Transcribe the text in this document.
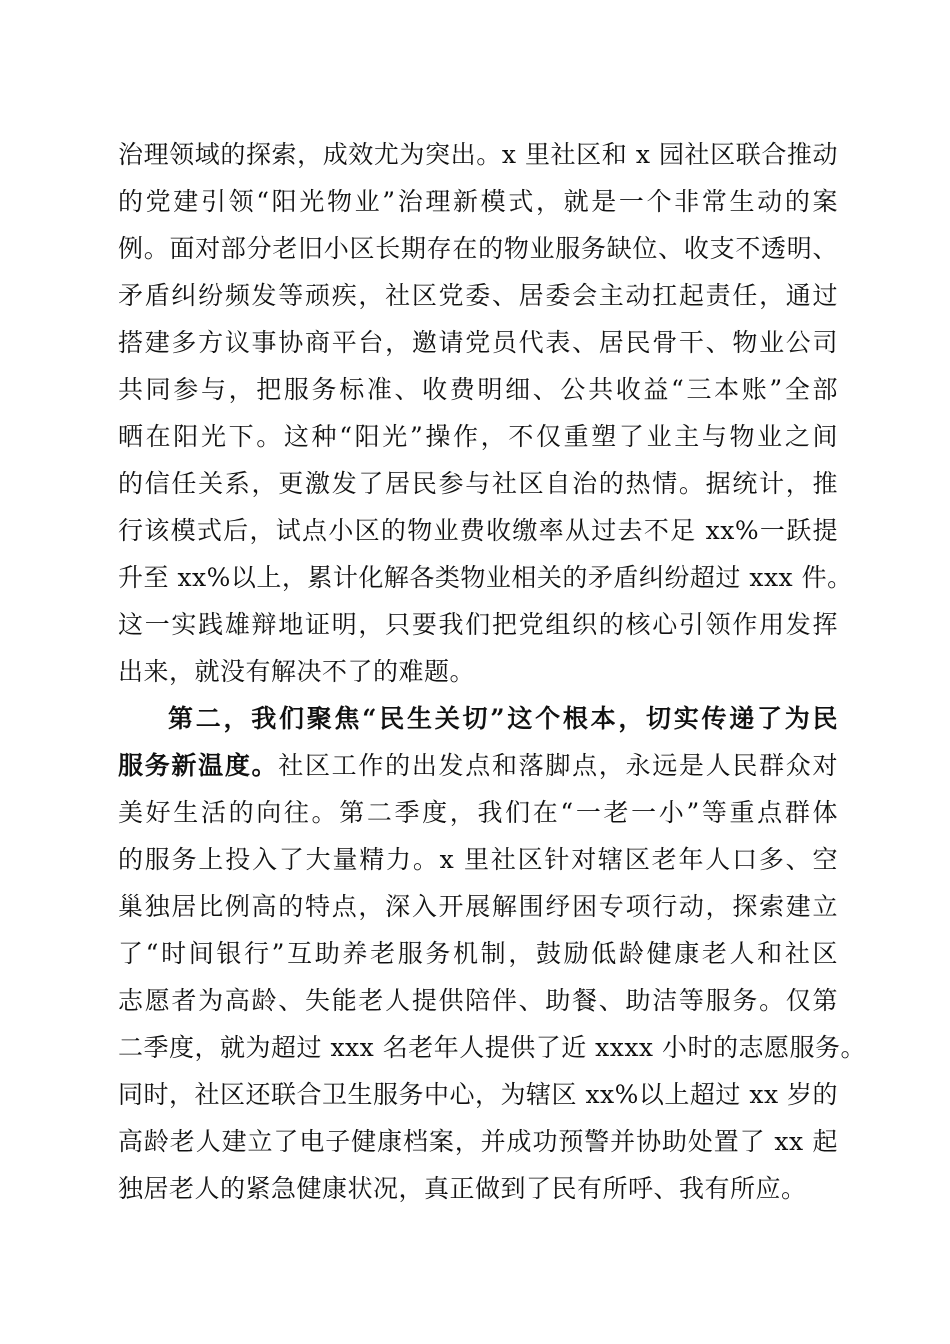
治理领域的探索，成效尤为突出。x 里社区和 x 园社区联合推动
的党建引领“阳光物业”治理新模式，就是一个非常生动的案
例。面对部分老旧小区长期存在的物业服务缺位、收支不透明、
矛盾纠纷频发等顽疾，社区党委、居委会主动扛起责任，通过
搭建多方议事协商平台，邀请党员代表、居民骨干、物业公司
共同参与，把服务标准、收费明细、公共收益“三本账”全部
晒在阳光下。这种“阳光”操作，不仅重塑了业主与物业之间
的信任关系，更激发了居民参与社区自治的热情。据统计，推
行该模式后，试点小区的物业费收缴率从过去不足 xx%一跃提
升至 xx%以上，累计化解各类物业相关的矛盾纠纷超过 xxx 件。
这一实践雄辩地证明，只要我们把党组织的核心引领作用发挥
出来，就没有解决不了的难题。
第二，我们聚焦“民生关切”这个根本，切实传递了为民
服务新温度。社区工作的出发点和落脚点，永远是人民群众对
美好生活的向往。第二季度，我们在“一老一小”等重点群体
的服务上投入了大量精力。x 里社区针对辖区老年人口多、空
巢独居比例高的特点，深入开展解围纾困专项行动，探索建立
了“时间银行”互助养老服务机制，鼓励低龄健康老人和社区
志愿者为高龄、失能老人提供陪伴、助餐、助洁等服务。仅第
二季度，就为超过 xxx 名老年人提供了近 xxxx 小时的志愿服务。
同时，社区还联合卫生服务中心，为辖区 xx%以上超过 xx 岁的
高龄老人建立了电子健康档案，并成功预警并协助处置了 xx 起
独居老人的紧急健康状况，真正做到了民有所呼、我有所应。
